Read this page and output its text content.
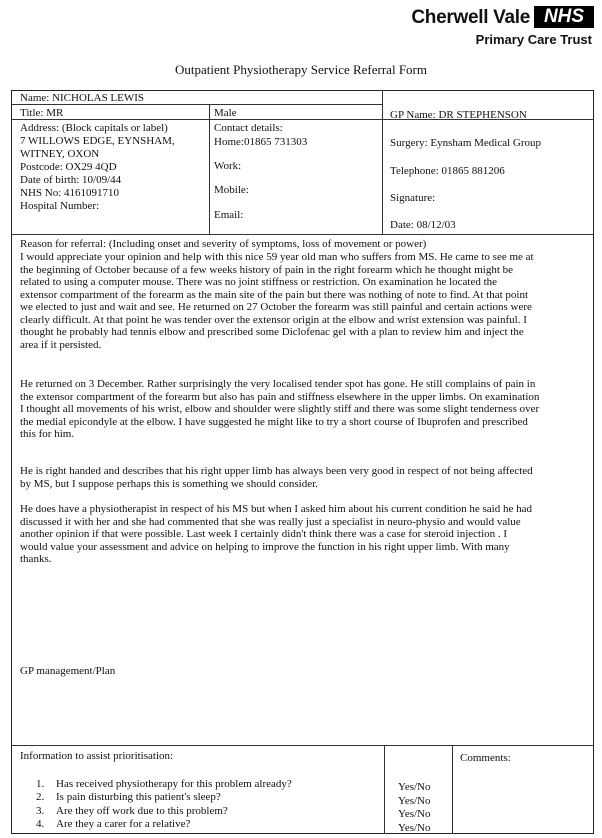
Cherwell Vale NHS
Primary Care Trust
Outpatient Physiotherapy Service Referral Form
Name: NICHOLAS LEWIS
Title: MR	Male
Address: (Block capitals or label)
7 WILLOWS EDGE, EYNSHAM,
WITNEY, OXON
Postcode: OX29 4QD
Date of birth: 10/09/44
NHS No: 4161091710
Hospital Number:
Contact details:
Home:01865 731303
Work:
Mobile:
Email:
GP Name: DR STEPHENSON
Surgery: Eynsham Medical Group
Telephone: 01865 881206
Signature:
Date: 08/12/03
Reason for referral: (Including onset and severity of symptoms, loss of movement or power)
I would appreciate your opinion and help with this nice 59 year old man who suffers from MS. He came to see me at
the beginning of October because of a few weeks history of pain in the right forearm which he thought might be
related to using a computer mouse. There was no joint stiffness or restriction. On examination he located the
extensor compartment of the forearm as the main site of the pain but there was nothing of note to find. At that point
we elected to just and wait and see. He returned on 27 October the forearm was still painful and certain actions were
clearly difficult. At that point he was tender over the extensor origin at the elbow and wrist extension was painful. I
thought he probably had tennis elbow and prescribed some Diclofenac gel with a plan to review him and inject the
area if it persisted.
He returned on 3 December. Rather surprisingly the very localised tender spot has gone. He still complains of pain in
the extensor compartment of the forearm but also has pain and stiffness elsewhere in the upper limbs. On examination
I thought all movements of his wrist, elbow and shoulder were slightly stiff and there was some slight tenderness over
the medial epicondyle at the elbow. I have suggested he might like to try a short course of Ibuprofen and prescribed
this for him.
He is right handed and describes that his right upper limb has always been very good in respect of not being affected
by MS, but I suppose perhaps this is something we should consider.
He does have a physiotherapist in respect of his MS but when I asked him about his current condition he said he had
discussed it with her and she had commented that she was really just a specialist in neuro-physio and would value
another opinion if that were possible. Last week I certainly didn't think there was a case for steroid injection . I
would value your assessment and advice on helping to improve the function in his right upper limb. With many
thanks.
GP management/Plan
Information to assist prioritisation:	Comments:
1. Has received physiotherapy for this problem already?	Yes/No
2. Is pain disturbing this patient's sleep?	Yes/No
3. Are they off work due to this problem?	Yes/No
4. Are they a carer for a relative?	Yes/No
